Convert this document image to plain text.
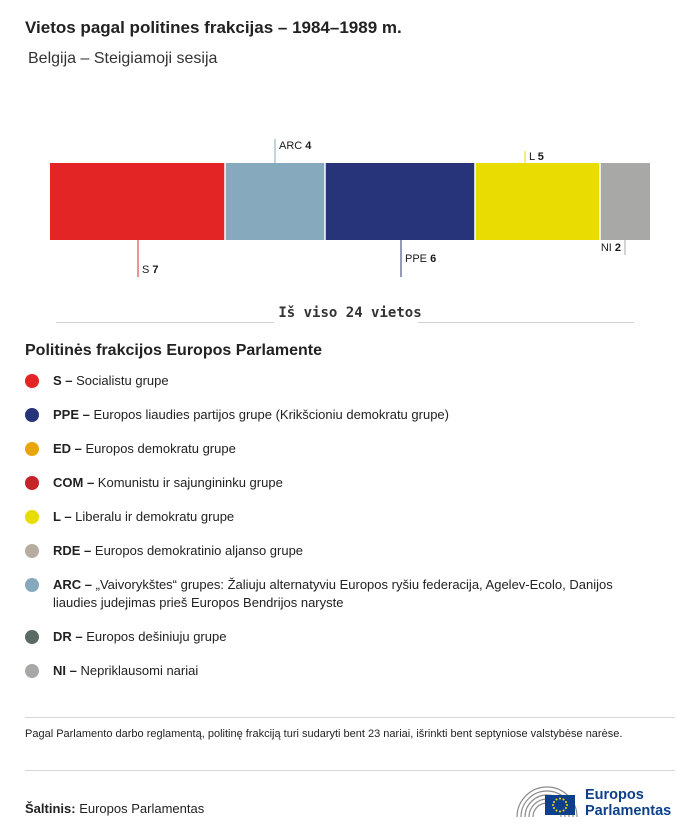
Vietos pagal politines frakcijas – 1984–1989 m.
Belgija – Steigiamoji sesija
S 7
ARC 4
PPE 6
L 5
NI 2
Iš viso 24 vietos
Politinės frakcijos Europos Parlamente
S – Socialistu grupe
PPE – Europos liaudies partijos grupe (Krikšcioniu demokratu grupe)
ED – Europos demokratu grupe
COM – Komunistu ir sajungininku grupe
L – Liberalu ir demokratu grupe
RDE – Europos demokratinio aljanso grupe
ARC – „Vaivorykštes“ grupes: Žaliuju alternatyviu Europos ryšiu federacija, Agelev-Ecolo, Danijos liaudies judejimas prieš Europos Bendrijos naryste
DR – Europos dešiniuju grupe
NI – Nepriklausomi nariai
Pagal Parlamento darbo reglamentą, politinę frakciją turi sudaryti bent 23 nariai, išrinkti bent septyniose valstybėse narėse.
Šaltinis: Europos Parlamentas
Europos
Parlamentas
